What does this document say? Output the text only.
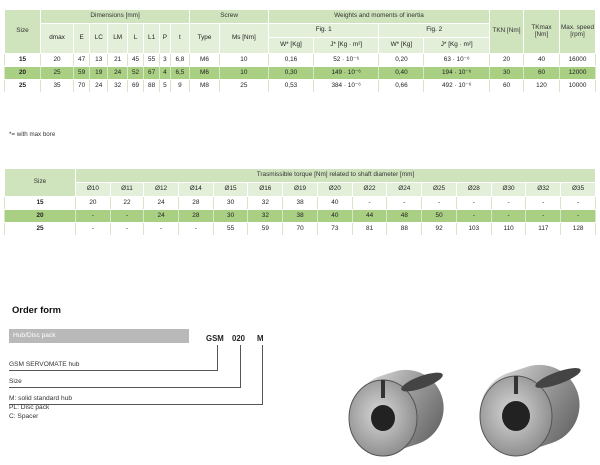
Size	Dimensions [mm]								Screw		Weights and moments of inertia				TKN [Nm]	TKmax [Nm]	Max. speed [rpm]
	dmax	E	LC	LM	L	L1	P	t	Type	Ms [Nm]	Fig. 1		Fig. 2				
											W* [Kg]	J* [Kg · m²]	W* [Kg]	J* [Kg · m²]			
15	20	47	13	21	45	55	3	6,8	M6	10	0,16	52 · 10⁻⁶	0,20	63 · 10⁻⁶	20	40	16000
20	25	59	19	24	52	67	4	6,5	M6	10	0,30	149 · 10⁻⁶	0,40	194 · 10⁻⁶	30	60	12000
25	35	70	24	32	69	88	5	9	M8	25	0,53	384 · 10⁻⁶	0,66	492 · 10⁻⁶	60	120	10000
*= with max bore
Size	Trasmissible torque [Nm] related to shaft diameter [mm]														
	Ø10	Ø11	Ø12	Ø14	Ø15	Ø16	Ø19	Ø20	Ø22	Ø24	Ø25	Ø28	Ø30	Ø32	Ø35
15	20	22	24	28	30	32	38	40	-	-	-	-	-	-	-
20	-	-	24	28	30	32	38	40	44	48	50	-	-	-	-
25	-	-	-	-	55	59	70	73	81	88	92	103	110	117	128
Order form
Hub/Disc pack	GSM 020 M
GSM SERVOMATE hub
Size
M: solid standard hub
PL: Disc pack
C: Spacer
